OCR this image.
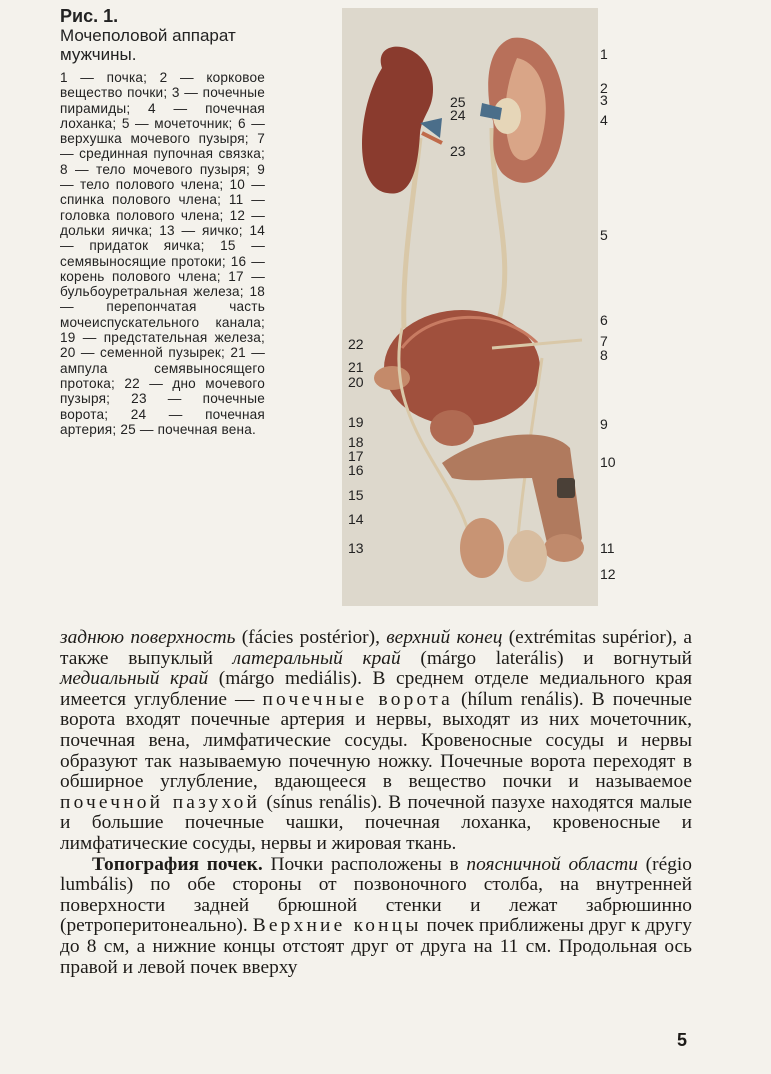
Рис. 1.

Мочеполовой аппарат мужчины.

1 — почка; 2 — корковое вещество почки; 3 — почечные пирамиды; 4 — почечная лоханка; 5 — мочеточник; 6 — верхушка мочевого пузыря; 7 — срединная пупочная связка; 8 — тело мочевого пузыря; 9 — тело полового члена; 10 — спинка полового члена; 11 — головка полового члена; 12 — дольки яичка; 13 — яичко; 14 — придаток яичка; 15 — семявыносящие протоки; 16 — корень полового члена; 17 — бульбоуретральная железа; 18 — перепончатая часть мочеиспускательного канала; 19 — предстательная железа; 20 — семенной пузырек; 21 — ампула семявыносящего протока; 22 — дно мочевого пузыря; 23 — почечные ворота; 24 — почечная артерия; 25 — почечная вена.

1
2
3
4
5
6
7
8
9
10
11
12
13
14
15
16
17
18
19
20
21
22
23
24
25

заднюю поверхность (fácies postérior), верхний конец (extrémitas supérior), а также выпуклый латеральный край (márgo laterális) и вогнутый медиальный край (márgo mediális). В среднем отделе медиального края имеется углубление — почечные ворота (hílum renális). В почечные ворота входят почечные артерия и нервы, выходят из них мочеточник, почечная вена, лимфатические сосуды. Кровеносные сосуды и нервы образуют так называемую почечную ножку. Почечные ворота переходят в обширное углубление, вдающееся в вещество почки и называемое почечной пазухой (sínus renális). В почечной пазухе находятся малые и большие почечные чашки, почечная лоханка, кровеносные и лимфатические сосуды, нервы и жировая ткань.

Топография почек. Почки расположены в поясничной области (régio lumbális) по обе стороны от позвоночного столба, на внутренней поверхности задней брюшной стенки и лежат забрюшинно (ретроперитонеально). Верхние концы почек приближены друг к другу до 8 см, а нижние концы отстоят друг от друга на 11 см. Продольная ось правой и левой почек вверху

5
